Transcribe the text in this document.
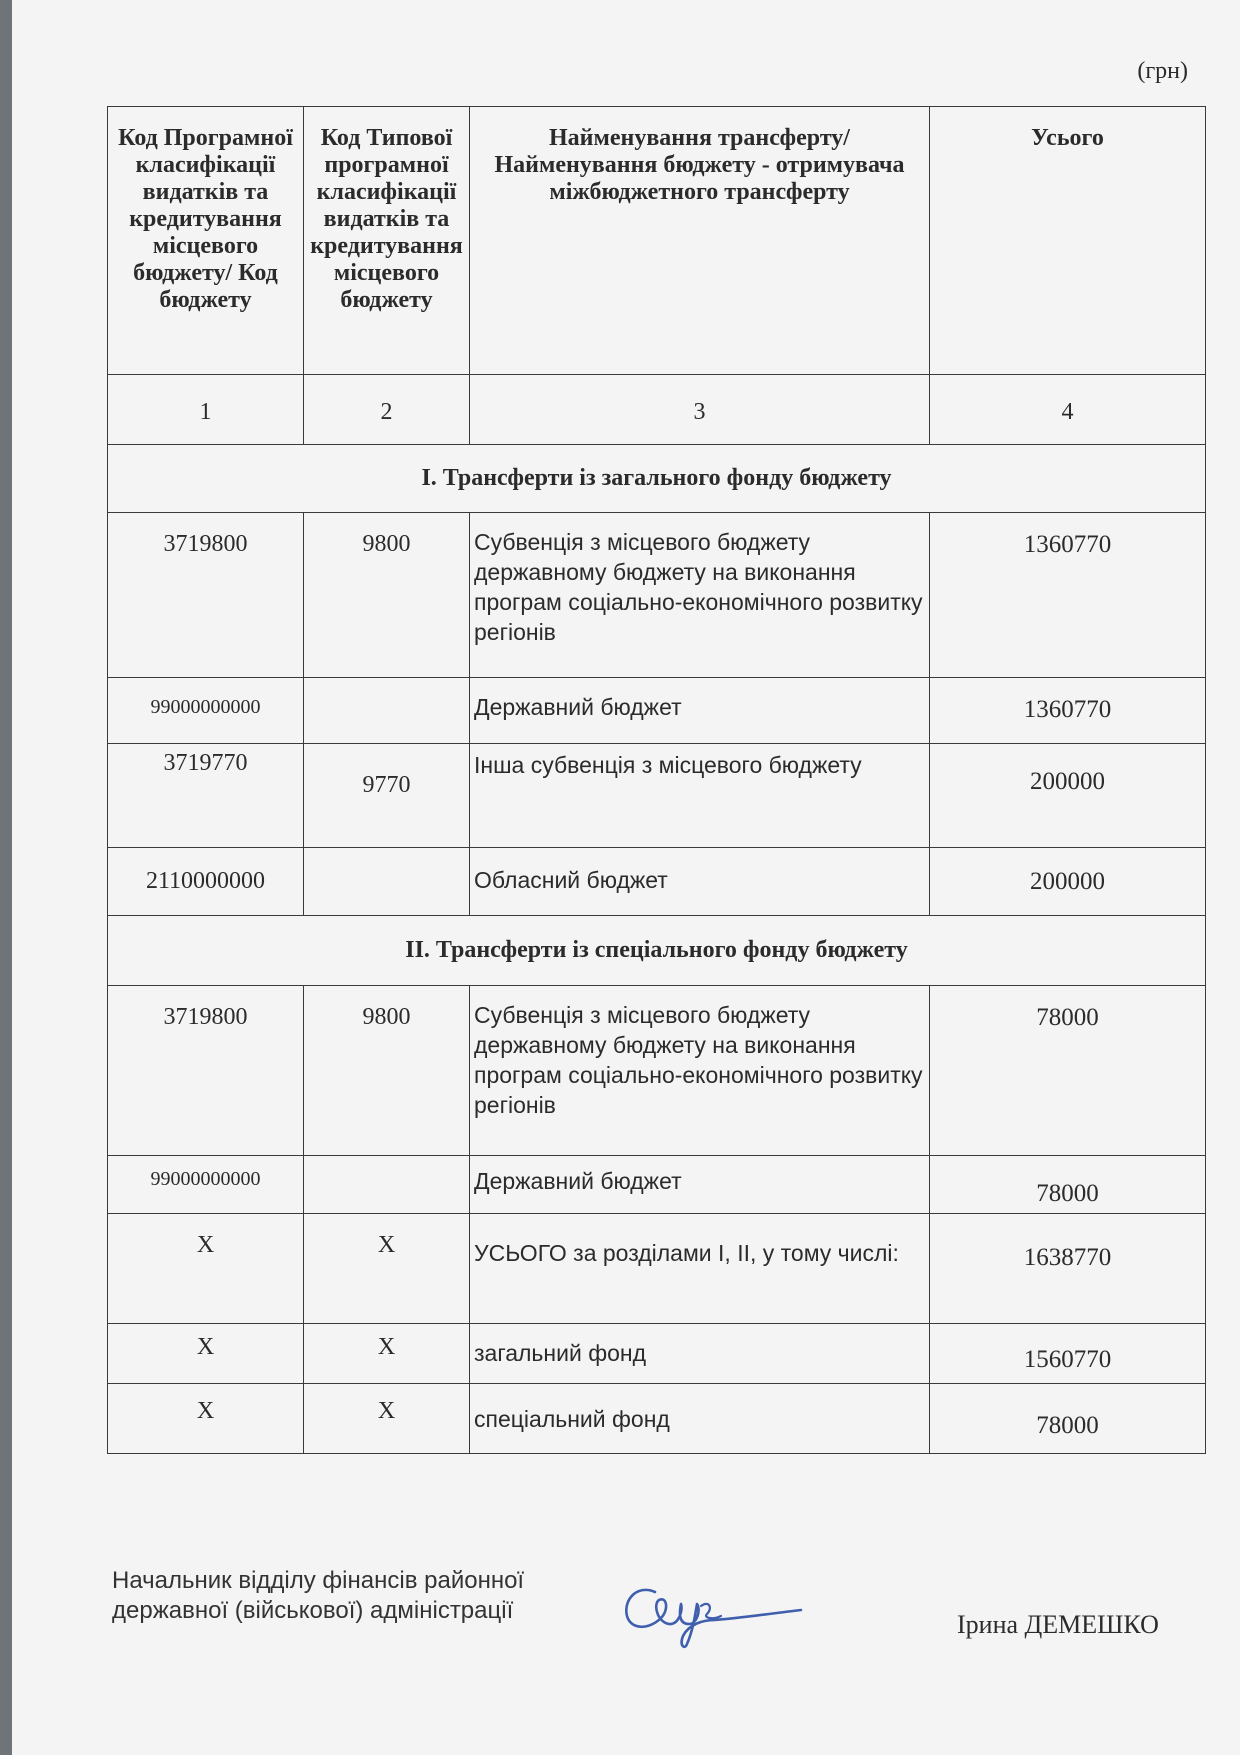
(грн)
Код Програмної класифікації видатків та кредитування місцевого бюджету/ Код бюджету	Код Типової програмної класифікації видатків та кредитування місцевого бюджету	Найменування трансферту/ Найменування бюджету - отримувача міжбюджетного трансферту	Усього
1	2	3	4
І. Трансферти із загального фонду бюджету			
3719800	9800	Субвенція з місцевого бюджету державному бюджету на виконання програм соціально-економічного розвитку регіонів	1360770
99000000000		Державний бюджет	1360770
3719770	9770	Інша субвенція з місцевого бюджету	200000
2110000000		Обласний бюджет	200000
ІІ. Трансферти із спеціального фонду бюджету			
3719800	9800	Субвенція з місцевого бюджету державному бюджету на виконання програм соціально-економічного розвитку регіонів	78000
99000000000		Державний бюджет	78000
Х	Х	УСЬОГО за розділами І, ІІ, у тому числі:	1638770
Х	Х	загальний фонд	1560770
Х	Х	спеціальний фонд	78000
Начальник відділу фінансів районної
державної (військової) адміністрації	Ірина ДЕМЕШКО
